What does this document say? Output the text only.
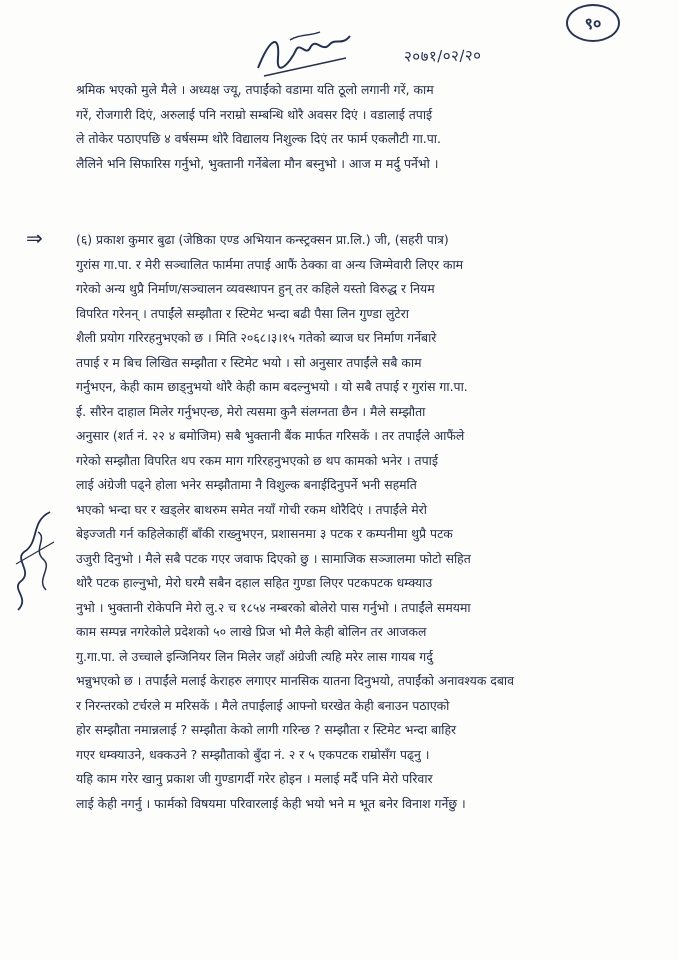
२०७१/०२/२०
९०

श्रमिक भएको मुले मैले । अध्यक्ष ज्यू, तपाईंको वडामा यति ठूलो लगानी गरें, काम

गरें, रोजगारी दिएं, अरुलाई पनि नराम्रो सम्बन्धि थोरै अवसर दिएं । वडालाई तपाई

ले तोकेर पठाएपछि ४ वर्षसम्म थोरै विद्यालय निशुल्क दिएं तर फार्म एकलौटी गा.पा.

लैलिने भनि सिफारिस गर्नुभो, भुक्तानी गर्नेबेला मौन बस्नुभो । आज म मर्दु पर्नेभो ।

⇒	(६) प्रकाश कुमार बुढा (जेष्ठिका एण्ड अभियान कन्स्ट्रक्सन प्रा.लि.) जी, (सहरी पात्र)

गुरांस गा.पा. र मेरी सञ्चालित फार्ममा तपाई आफैं ठेक्का वा अन्य जिम्मेवारी लिएर काम

गरेको अन्य थुप्रै निर्माण/सञ्चालन व्यवस्थापन हुन् तर कहिले यस्तो विरुद्ध र नियम

विपरित गरेनन् । तपाईंले सम्झौता र स्टिमेट भन्दा बढी पैसा लिन गुण्डा लुटेरा

शैली प्रयोग गरिरहनुभएको छ । मिति २०६८।३।१५ गतेको ब्याज घर निर्माण गर्नेबारे

तपाई र म बिच लिखित सम्झौता र स्टिमेट भयो । सो अनुसार तपाईंले सबै काम

गर्नुभएन, केही काम छाड्नुभयो थोरै केही काम बदल्नुभयो । यो सबै तपाई र गुरांस गा.पा.

ई. सौरेन दाहाल मिलेर गर्नुभएन्छ, मेरो त्यसमा कुनै संलग्नता छैन । मैले सम्झौता

अनुसार (शर्त नं. २२ ४ बमोजिम) सबै भुक्तानी बैंक मार्फत गरिसकें । तर तपाईंले आफैंले

गरेको सम्झौता विपरित थप रकम माग गरिरहनुभएको छ थप कामको भनेर । तपाई

लाई अंग्रेजी पढ्ने होला भनेर सम्झौतामा नै विशुल्क बनाईदिनुपर्ने भनी सहमति

भएको भन्दा घर र खड्लेर बाथरुम समेत नयाँ गोची रकम थोरैदिएं । तपाईंले मेरो

बेइज्जती गर्न कहिलेकाहीं बाँकी राख्नुभएन, प्रशासनमा ३ पटक र कम्पनीमा थुप्रै पटक

उजुरी दिनुभो । मैले सबै पटक गएर जवाफ दिएको छु । सामाजिक सञ्जालमा फोटो सहित

थोरै पटक हाल्नुभो, मेरो घरमै सबैन दहाल सहित गुण्डा लिएर पटकपटक धम्क्याउ

नुभो । भुक्तानी रोकेपनि मेरो लु.२ च १८५४ नम्बरको बोलेरो पास गर्नुभो । तपाईंले समयमा

काम सम्पन्न नगरेकोले प्रदेशको ५० लाखे प्रिज भो मैले केही बोलिन तर आजकल

गु.गा.पा. ले उच्चाले इन्जिनियर लिन मिलेर जहाँ अंग्रेजी त्यहि मरेर लास गायब गर्दु

भन्नुभएको छ । तपाईंले मलाई केराहरु लगाएर मानसिक यातना दिनुभयो, तपाईंको अनावश्यक दबाव

र निरन्तरको टर्चरले म मरिसकें । मैले तपाईलाई आफ्नो घरखेत केही बनाउन पठाएको

होर सम्झौता नमान्नलाई ? सम्झौता केको लागी गरिन्छ ? सम्झौता र स्टिमेट भन्दा बाहिर

गएर धम्क्याउने, धक्कउने ? सम्झौताको बुँदा नं. २ र ५ एकपटक राम्रोसँग पढ्नु ।

यहि काम गरेर खानु प्रकाश जी गुण्डागर्दी गरेर होइन । मलाई मर्दै पनि मेरो परिवार

लाई केही नगर्नु । फार्मको विषयमा परिवारलाई केही भयो भने म भूत बनेर विनाश गर्नेछु ।
